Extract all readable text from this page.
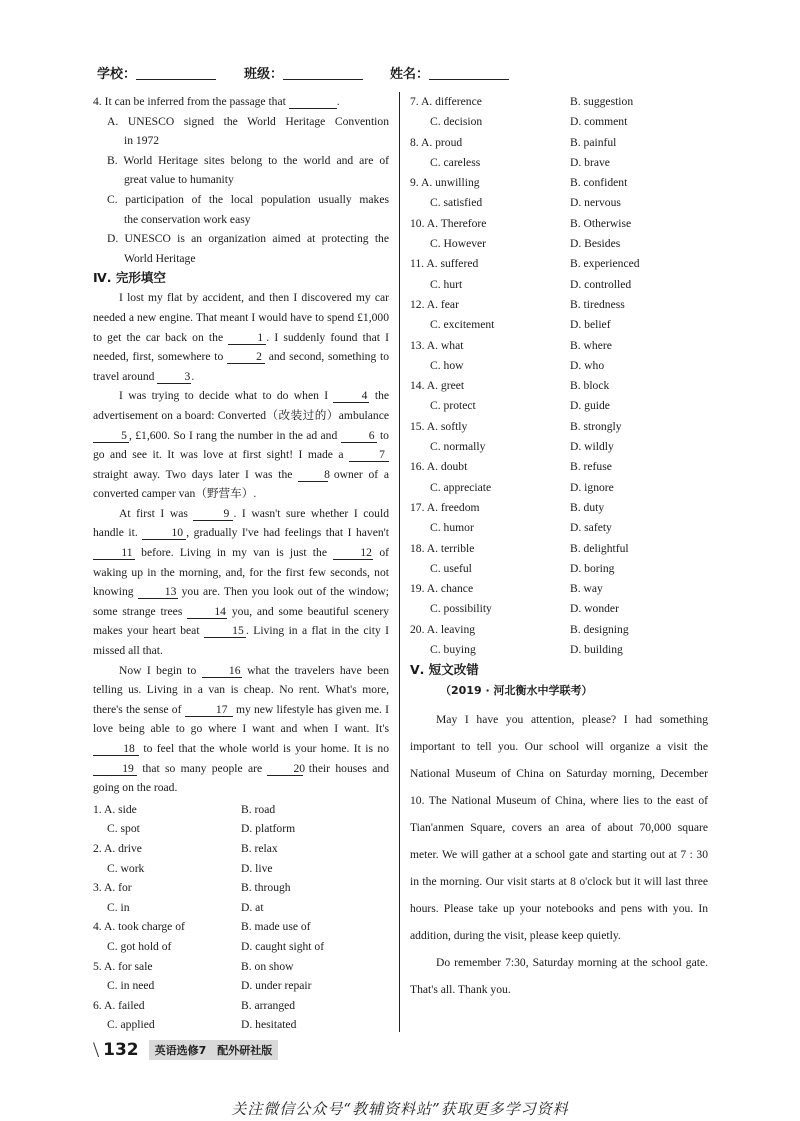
学校：	班级：	姓名：
4. It can be inferred from the passage that	.
A. UNESCO signed the World Heritage Convention
in 1972
B. World Heritage sites belong to the world and are of
great value to humanity
C. participation of the local population usually makes
the conservation work easy
D. UNESCO is an organization aimed at protecting the
World Heritage
Ⅳ. 完形填空
I lost my flat by accident, and then I discovered my car needed a new engine. That meant I would have to spend £1,000 to get the car back on the	1 . I suddenly found that I needed, first, somewhere to	2 and second, something to travel around	3.
I was trying to decide what to do when I	4 the advertisement on a board: Converted（改装过的）ambulance 5 , £1,600. So I rang the number in the ad and	6 to go and see it. It was love at first sight! I made a	7 straight away. Two days later I was the	8 owner of a converted camper van（野营车）.
At first I was	9 . I wasn't sure whether I could handle it.	10 , gradually I've had feelings that I haven't 11 before. Living in my van is just the	12 of waking up in the morning, and, for the first few seconds, not knowing	13 you are. Then you look out of the window; some strange trees	14 you, and some beautiful scenery makes your heart beat	15 . Living in a flat in the city I missed all that.
Now I begin to	16 what the travelers have been telling us. Living in a van is cheap. No rent. What's more, there's the sense of	17 my new lifestyle has given me. I love being able to go where I want and when I want. It's 18 to feel that the whole world is your home. It is no 19 that so many people are	20 their houses and going on the road.
1. A. side	B. road
C. spot	D. platform
2. A. drive	B. relax
C. work	D. live
3. A. for	B. through
C. in	D. at
4. A. took charge of	B. made use of
C. got hold of	D. caught sight of
5. A. for sale	B. on show
C. in need	D. under repair
6. A. failed	B. arranged
C. applied	D. hesitated
7. A. difference	B. suggestion
C. decision	D. comment
8. A. proud	B. painful
C. careless	D. brave
9. A. unwilling	B. confident
C. satisfied	D. nervous
10. A. Therefore	B. Otherwise
C. However	D. Besides
11. A. suffered	B. experienced
C. hurt	D. controlled
12. A. fear	B. tiredness
C. excitement	D. belief
13. A. what	B. where
C. how	D. who
14. A. greet	B. block
C. protect	D. guide
15. A. softly	B. strongly
C. normally	D. wildly
16. A. doubt	B. refuse
C. appreciate	D. ignore
17. A. freedom	B. duty
C. humor	D. safety
18. A. terrible	B. delightful
C. useful	D. boring
19. A. chance	B. way
C. possibility	D. wonder
20. A. leaving	B. designing
C. buying	D. building
Ⅴ. 短文改错
（2019 · 河北衡水中学联考）
May I have you attention, please? I had something important to tell you. Our school will organize a visit the National Museum of China on Saturday morning, December 10. The National Museum of China, where lies to the east of Tian'anmen Square, covers an area of about 70,000 square meter. We will gather at a school gate and starting out at 7 : 30 in the morning. Our visit starts at 8 o'clock but it will last three hours. Please take up your notebooks and pens with you. In addition, during the visit, please keep quietly.
Do remember 7:30, Saturday morning at the school gate. That's all. Thank you.
\ 132	英语选修7　配外研社版
关注微信公众号“教辅资料站”获取更多学习资料
